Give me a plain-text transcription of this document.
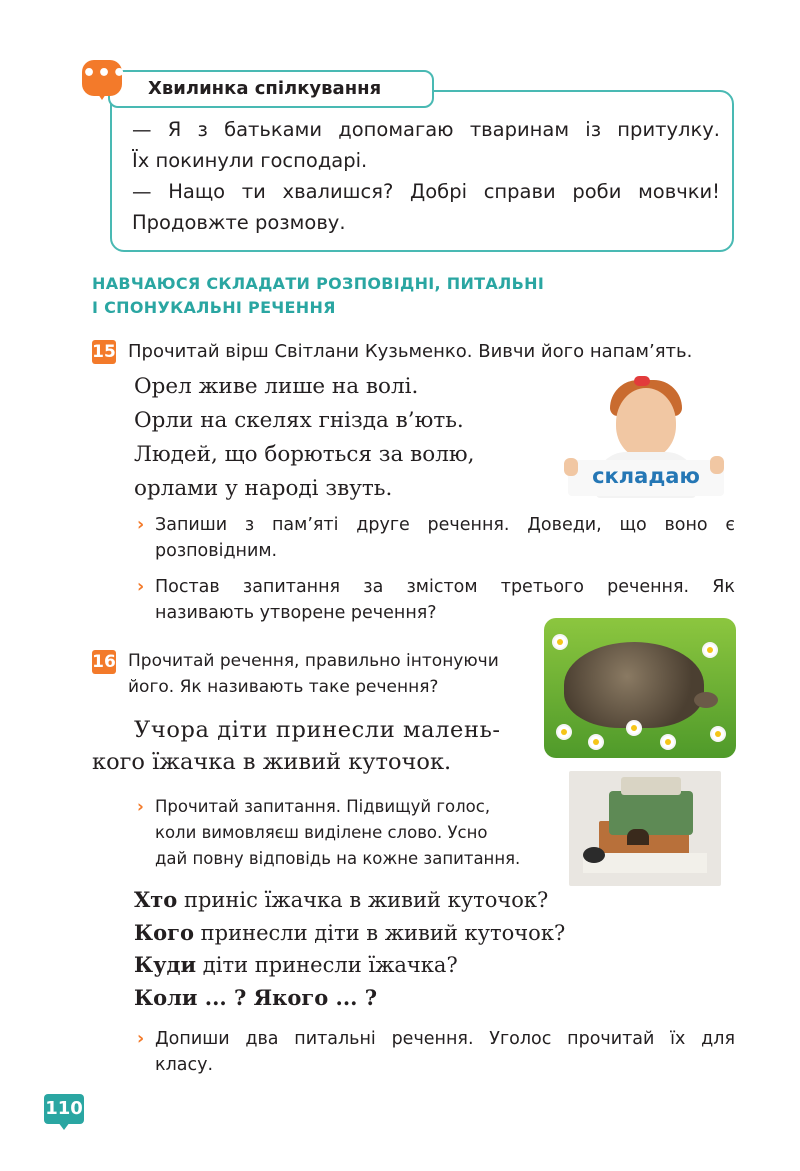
•••
Хвилинка спілкування
— Я з батьками допомагаю тваринам із притулку.
Їх покинули господарі.
— Нащо ти хвалишся? Добрі справи роби мовчки!
Продовжте розмову.
НАВЧАЮСЯ СКЛАДАТИ РОЗПОВІДНІ, ПИТАЛЬНІ
І СПОНУКАЛЬНІ РЕЧЕННЯ
15 Прочитай вірш Світлани Кузьменко. Вивчи його напам’ять.
Орел живе лише на волі.
Орли на скелях гнізда в’ють.
Людей, що борються за волю,
орлами у народі звуть.	складаю
› Запиши з пам’яті друге речення. Доведи, що воно є
розповідним.
› Постав запитання за змістом третього речення. Як
називають утворене речення?
16 Прочитай речення, правильно інтонуючи
його. Як називають таке речення?
Учора діти принесли малень-
кого їжачка в живий куточок.
› Прочитай запитання. Підвищуй голос,
коли вимовляєш виділене слово. Усно
дай повну відповідь на кожне запитання.
Хто приніс їжачка в живий куточок?
Кого принесли діти в живий куточок?
Куди діти принесли їжачка?
Коли ... ? Якого ... ?
› Допиши два питальні речення. Уголос прочитай їх для
класу.
110
